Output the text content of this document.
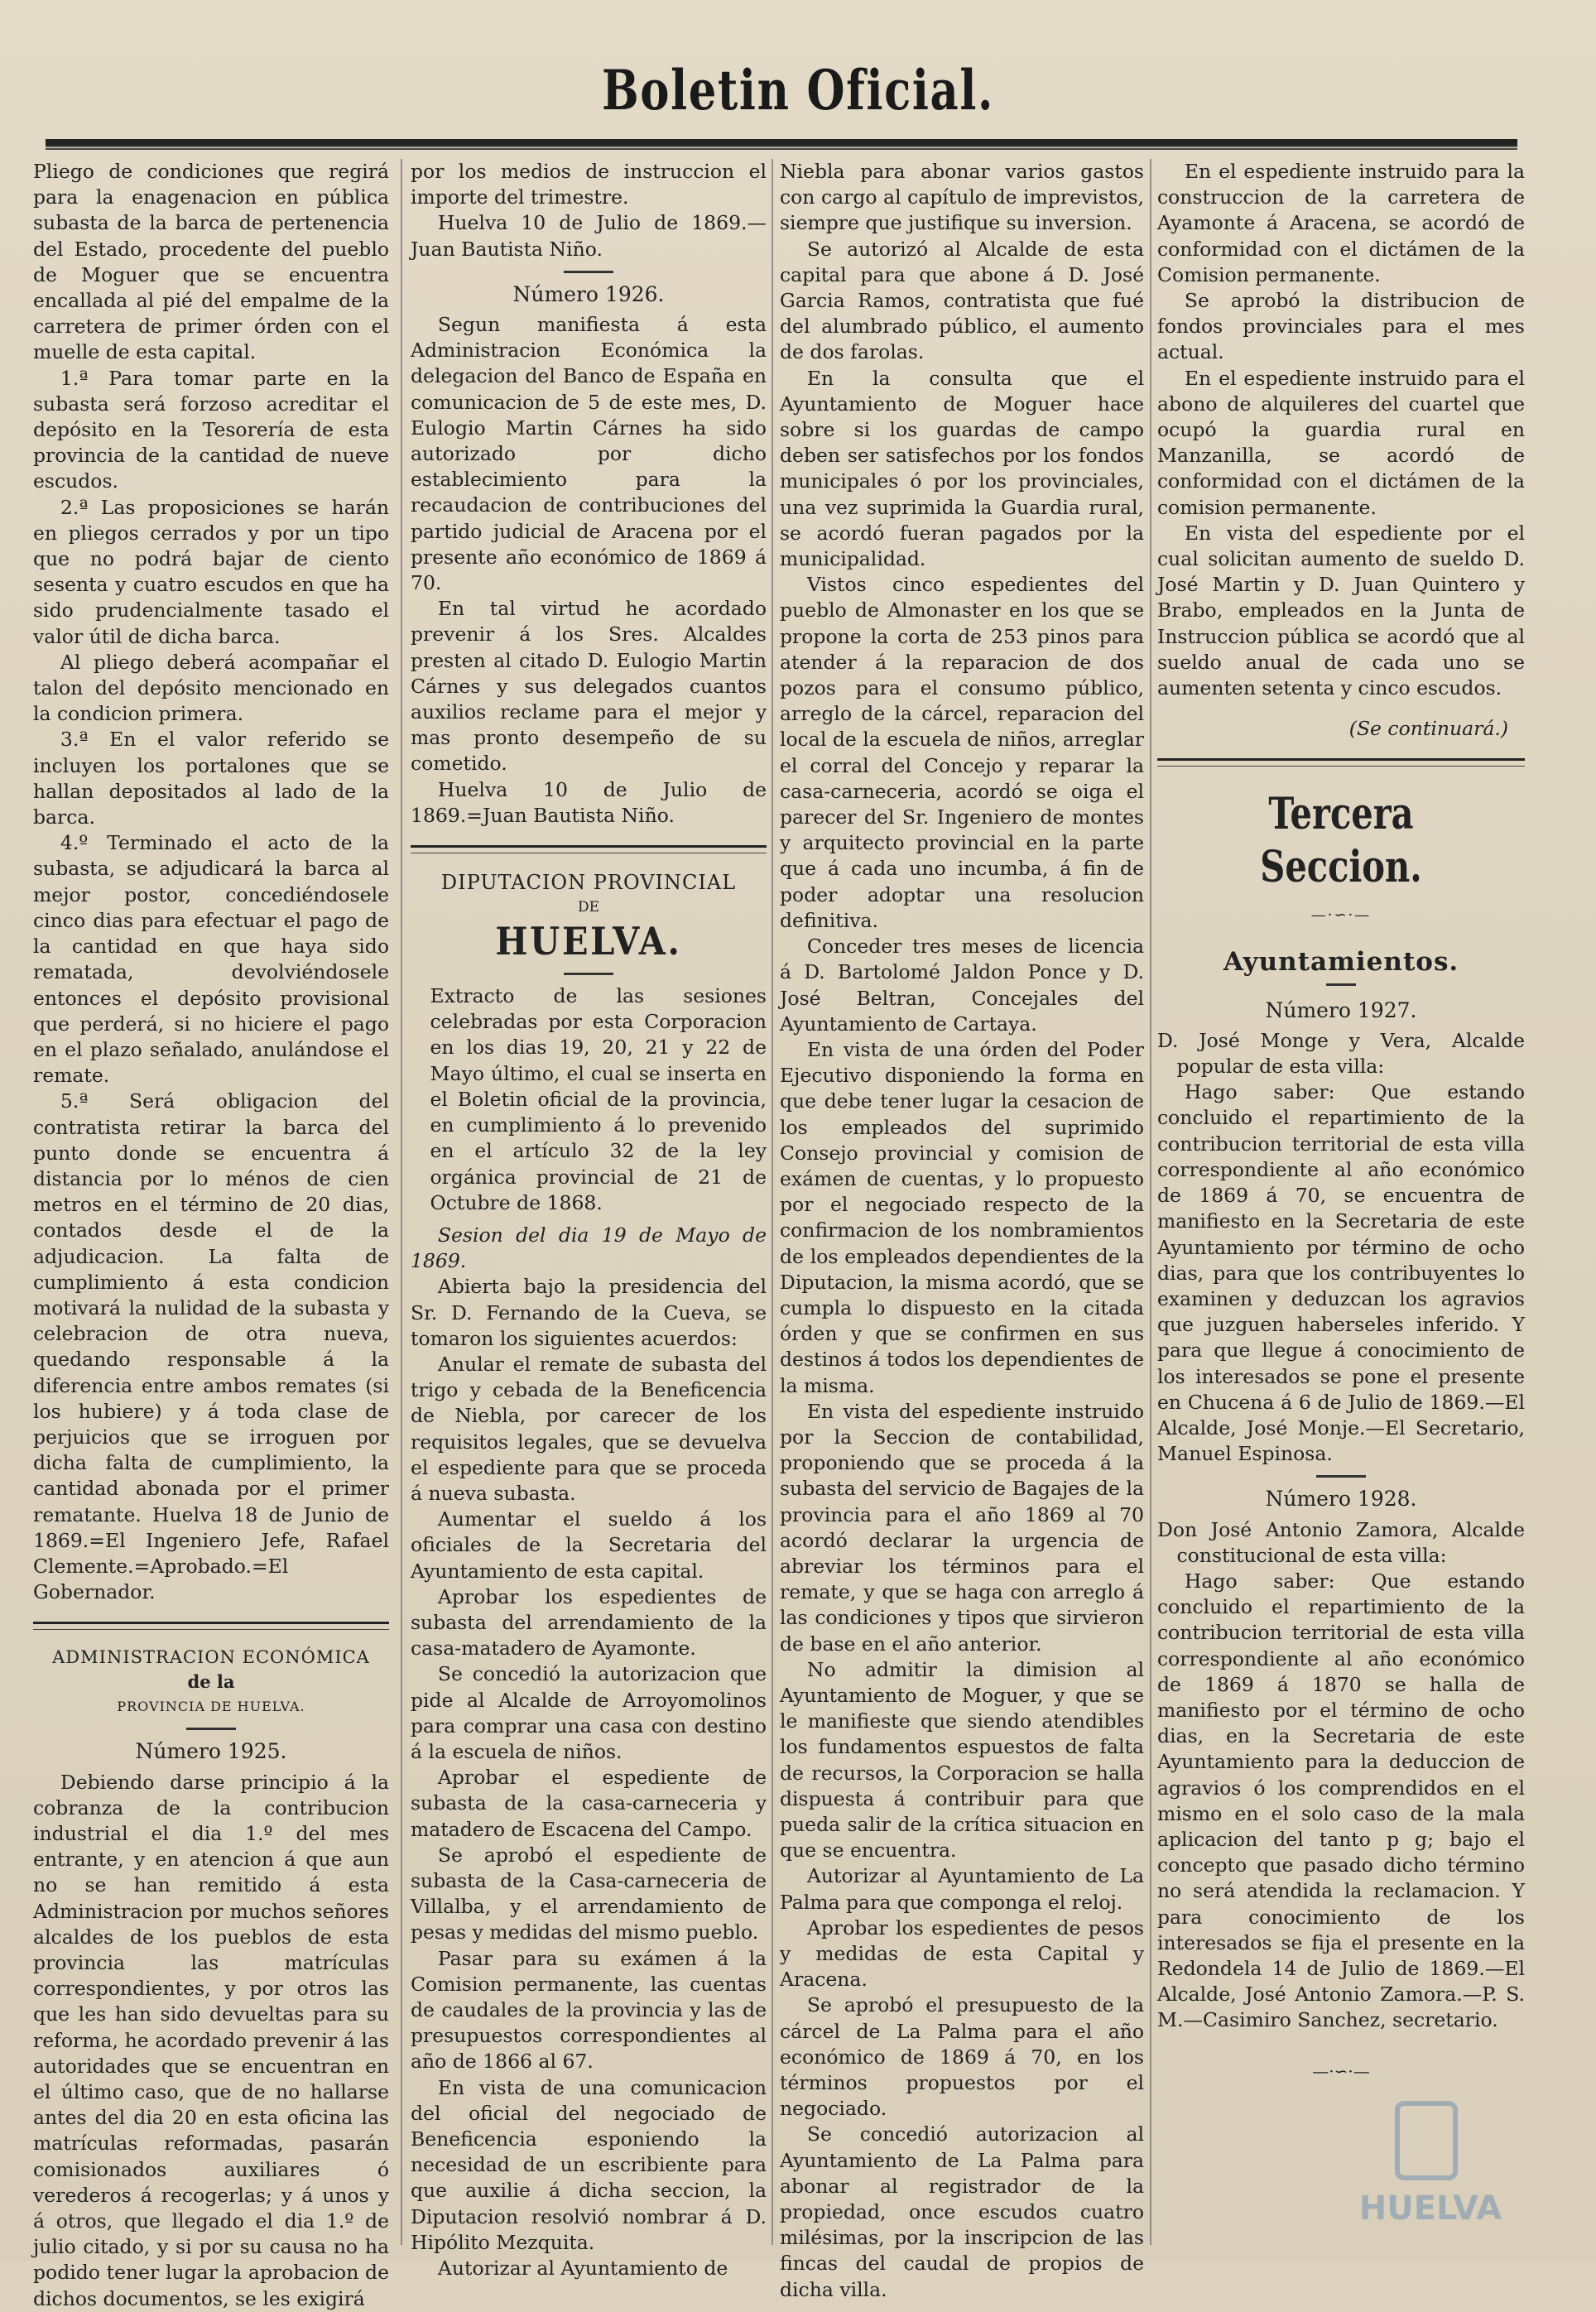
Boletin Oficial.

Pliego de condiciones que regirá para la enagenacion en pública subasta de la barca de pertenencia del Estado, procedente del pueblo de Moguer que se encuentra encallada al pié del empalme de la carretera de primer órden con el muelle de esta capital.

1.ª Para tomar parte en la subasta será forzoso acreditar el depósito en la Tesorería de esta provincia de la cantidad de nueve escudos.

2.ª Las proposiciones se harán en pliegos cerrados y por un tipo que no podrá bajar de ciento sesenta y cuatro escudos en que ha sido prudencialmente tasado el valor útil de dicha barca.

Al pliego deberá acompañar el talon del depósito mencionado en la condicion primera.

3.ª En el valor referido se incluyen los portalones que se hallan depositados al lado de la barca.

4.º Terminado el acto de la subasta, se adjudicará la barca al mejor postor, concediéndosele cinco dias para efectuar el pago de la cantidad en que haya sido rematada, devolviéndosele entonces el depósito provisional que perderá, si no hiciere el pago en el plazo señalado, anulándose el remate.

5.ª Será obligacion del contratista retirar la barca del punto donde se encuentra á distancia por lo ménos de cien metros en el término de 20 dias, contados desde el de la adjudicacion. La falta de cumplimiento á esta condicion motivará la nulidad de la subasta y celebracion de otra nueva, quedando responsable á la diferencia entre ambos remates (si los hubiere) y á toda clase de perjuicios que se irroguen por dicha falta de cumplimiento, la cantidad abonada por el primer rematante. Huelva 18 de Junio de 1869.=El Ingeniero Jefe, Rafael Clemente.=Aprobado.=El Gobernador.

ADMINISTRACION ECONÓMICA
de la
PROVINCIA DE HUELVA.
Número 1925.

Debiendo darse principio á la cobranza de la contribucion industrial el dia 1.º del mes entrante, y en atencion á que aun no se han remitido á esta Administracion por muchos señores alcaldes de los pueblos de esta provincia las matrículas correspondientes, y por otros las que les han sido devueltas para su reforma, he acordado prevenir á las autoridades que se encuentran en el último caso, que de no hallarse antes del dia 20 en esta oficina las matrículas reformadas, pasarán comisionados auxiliares ó verederos á recogerlas; y á unos y á otros, que llegado el dia 1.º de julio citado, y si por su causa no ha podido tener lugar la aprobacion de dichos documentos, se les exigirá

por los medios de instruccion el importe del trimestre.

Huelva 10 de Julio de 1869.—Juan Bautista Niño.

Número 1926.

Segun manifiesta á esta Administracion Económica la delegacion del Banco de España en comunicacion de 5 de este mes, D. Eulogio Martin Cárnes ha sido autorizado por dicho establecimiento para la recaudacion de contribuciones del partido judicial de Aracena por el presente año económico de 1869 á 70.

En tal virtud he acordado prevenir á los Sres. Alcaldes presten al citado D. Eulogio Martin Cárnes y sus delegados cuantos auxilios reclame para el mejor y mas pronto desempeño de su cometido.

Huelva 10 de Julio de 1869.=Juan Bautista Niño.

DIPUTACION PROVINCIAL
DE
HUELVA.

Extracto de las sesiones celebradas por esta Corporacion en los dias 19, 20, 21 y 22 de Mayo último, el cual se inserta en el Boletin oficial de la provincia, en cumplimiento á lo prevenido en el artículo 32 de la ley orgánica provincial de 21 de Octubre de 1868.

Sesion del dia 19 de Mayo de 1869.

Abierta bajo la presidencia del Sr. D. Fernando de la Cueva, se tomaron los siguientes acuerdos:

Anular el remate de subasta del trigo y cebada de la Beneficencia de Niebla, por carecer de los requisitos legales, que se devuelva el espediente para que se proceda á nueva subasta.

Aumentar el sueldo á los oficiales de la Secretaria del Ayuntamiento de esta capital.

Aprobar los espedientes de subasta del arrendamiento de la casa-matadero de Ayamonte.

Se concedió la autorizacion que pide al Alcalde de Arroyomolinos para comprar una casa con destino á la escuela de niños.

Aprobar el espediente de subasta de la casa-carneceria y matadero de Escacena del Campo.

Se aprobó el espediente de subasta de la Casa-carneceria de Villalba, y el arrendamiento de pesas y medidas del mismo pueblo.

Pasar para su exámen á la Comision permanente, las cuentas de caudales de la provincia y las de presupuestos correspondientes al año de 1866 al 67.

En vista de una comunicacion del oficial del negociado de Beneficencia esponiendo la necesidad de un escribiente para que auxilie á dicha seccion, la Diputacion resolvió nombrar á D. Hipólito Mezquita.

Autorizar al Ayuntamiento de

Niebla para abonar varios gastos con cargo al capítulo de imprevistos, siempre que justifique su inversion.

Se autorizó al Alcalde de esta capital para que abone á D. José Garcia Ramos, contratista que fué del alumbrado público, el aumento de dos farolas.

En la consulta que el Ayuntamiento de Moguer hace sobre si los guardas de campo deben ser satisfechos por los fondos municipales ó por los provinciales, una vez suprimida la Guardia rural, se acordó fueran pagados por la municipalidad.

Vistos cinco espedientes del pueblo de Almonaster en los que se propone la corta de 253 pinos para atender á la reparacion de dos pozos para el consumo público, arreglo de la cárcel, reparacion del local de la escuela de niños, arreglar el corral del Concejo y reparar la casa-carneceria, acordó se oiga el parecer del Sr. Ingeniero de montes y arquitecto provincial en la parte que á cada uno incumba, á fin de poder adoptar una resolucion definitiva.

Conceder tres meses de licencia á D. Bartolomé Jaldon Ponce y D. José Beltran, Concejales del Ayuntamiento de Cartaya.

En vista de una órden del Poder Ejecutivo disponiendo la forma en que debe tener lugar la cesacion de los empleados del suprimido Consejo provincial y comision de exámen de cuentas, y lo propuesto por el negociado respecto de la confirmacion de los nombramientos de los empleados dependientes de la Diputacion, la misma acordó, que se cumpla lo dispuesto en la citada órden y que se confirmen en sus destinos á todos los dependientes de la misma.

En vista del espediente instruido por la Seccion de contabilidad, proponiendo que se proceda á la subasta del servicio de Bagajes de la provincia para el año 1869 al 70 acordó declarar la urgencia de abreviar los términos para el remate, y que se haga con arreglo á las condiciones y tipos que sirvieron de base en el año anterior.

No admitir la dimision al Ayuntamiento de Moguer, y que se le manifieste que siendo atendibles los fundamentos espuestos de falta de recursos, la Corporacion se halla dispuesta á contribuir para que pueda salir de la crítica situacion en que se encuentra.

Autorizar al Ayuntamiento de La Palma para que componga el reloj.

Aprobar los espedientes de pesos y medidas de esta Capital y Aracena.

Se aprobó el presupuesto de la cárcel de La Palma para el año económico de 1869 á 70, en los términos propuestos por el negociado.

Se concedió autorizacion al Ayuntamiento de La Palma para abonar al registrador de la propiedad, once escudos cuatro milésimas, por la inscripcion de las fincas del caudal de propios de dicha villa.

En el espediente instruido para la construccion de la carretera de Ayamonte á Aracena, se acordó de conformidad con el dictámen de la Comision permanente.

Se aprobó la distribucion de fondos provinciales para el mes actual.

En el espediente instruido para el abono de alquileres del cuartel que ocupó la guardia rural en Manzanilla, se acordó de conformidad con el dictámen de la comision permanente.

En vista del espediente por el cual solicitan aumento de sueldo D. José Martin y D. Juan Quintero y Brabo, empleados en la Junta de Instruccion pública se acordó que al sueldo anual de cada uno se aumenten setenta y cinco escudos.

(Se continuará.)
Tercera Seccion.
—·∽·—
Ayuntamientos.
Número 1927.

D. José Monge y Vera, Alcalde popular de esta villa:

Hago saber: Que estando concluido el repartimiento de la contribucion territorial de esta villa correspondiente al año económico de 1869 á 70, se encuentra de manifiesto en la Secretaria de este Ayuntamiento por término de ocho dias, para que los contribuyentes lo examinen y deduzcan los agravios que juzguen haberseles inferido. Y para que llegue á conocimiento de los interesados se pone el presente en Chucena á 6 de Julio de 1869.—El Alcalde, José Monje.—El Secretario, Manuel Espinosa.

Número 1928.

Don José Antonio Zamora, Alcalde constitucional de esta villa:

Hago saber: Que estando concluido el repartimiento de la contribucion territorial de esta villa correspondiente al año económico de 1869 á 1870 se halla de manifiesto por el término de ocho dias, en la Secretaria de este Ayuntamiento para la deduccion de agravios ó los comprendidos en el mismo en el solo caso de la mala aplicacion del tanto p g; bajo el concepto que pasado dicho término no será atendida la reclamacion. Y para conocimiento de los interesados se fija el presente en la Redondela 14 de Julio de 1869.—El Alcalde, José Antonio Zamora.—P. S. M.—Casimiro Sanchez, secretario.

—·∽·—
HUELVA
